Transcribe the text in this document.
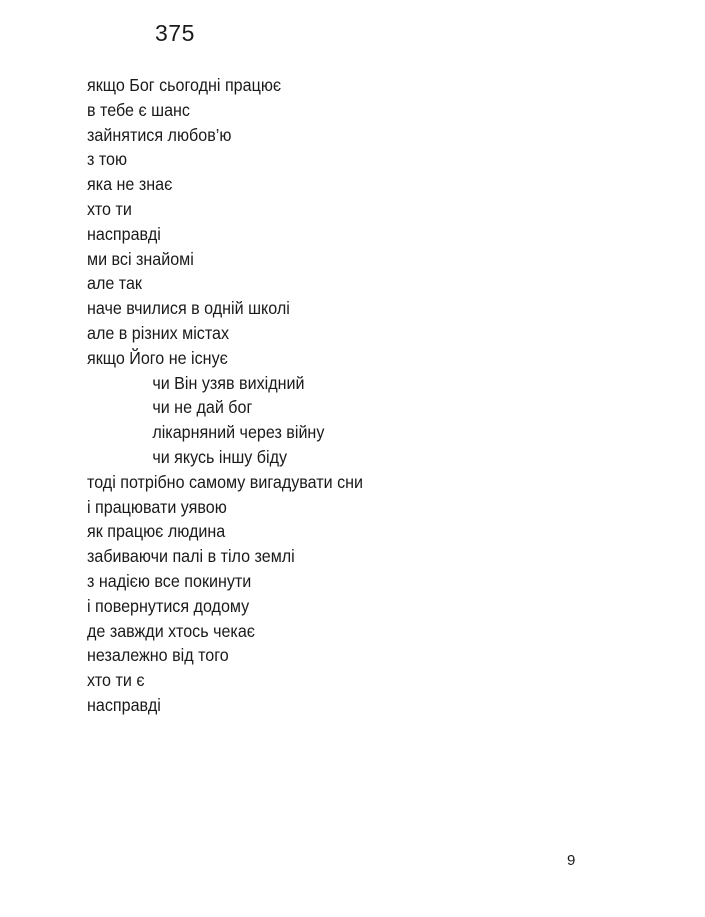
375
якщо Бог сьогодні працює
в тебе є шанс
зайнятися любов’ю
з тою
яка не знає
хто ти
насправді
ми всі знайомі
але так
наче вчилися в одній школі
але в різних містах
якщо Його не існує
чи Він узяв вихідний
чи не дай бог
лікарняний через війну
чи якусь іншу біду
тоді потрібно самому вигадувати сни
і працювати уявою
як працює людина
забиваючи палі в тіло землі
з надією все покинути
і повернутися додому
де завжди хтось чекає
незалежно від того
хто ти є
насправді
9
